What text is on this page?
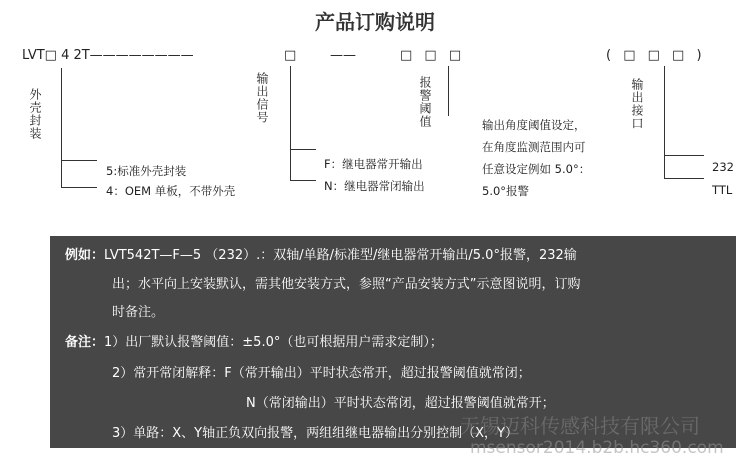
产品订购说明
LVT□ 4 2T————————	□	——	□ □ □	( □ □ □ )
外壳封装	输出信号	报警阈值	输出接口
5:标准外壳封装
4：OEM 单板，不带外壳
F：继电器常开输出
N：继电器常闭输出
输出角度阈值设定，
在角度监测范围内可
任意设定例如 5.0°：
5.0°报警
232
TTL
例如：LVT542T—F—5 （232）.：双轴/单路/标准型/继电器常开输出/5.0°报警，232输
出；水平向上安装默认，需其他安装方式，参照“产品安装方式”示意图说明，订购
时备注。
备注：1）出厂默认报警阈值：±5.0°（也可根据用户需求定制）；
2）常开常闭解释：F（常开输出）平时状态常开，超过报警阈值就常闭；
N（常闭输出）平时状态常闭，超过报警阈值就常开；
3）单路：X、Y轴正负双向报警，两组组继电器输出分别控制（X，Y）
无锡迈科传感科技有限公司
msensor2014.b2b.hc360.com
